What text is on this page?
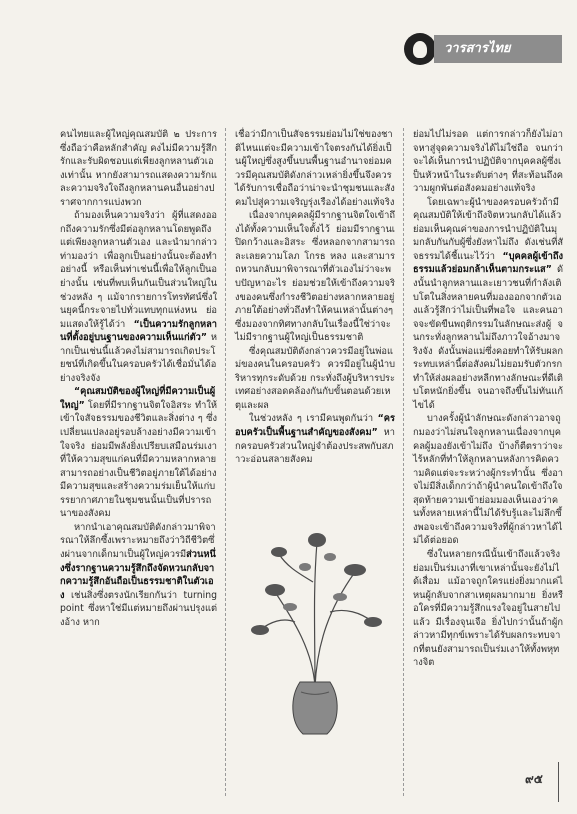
วารสารไทย

คนไทยและผู้ใหญ่คุณสมบัติ ๒ ประการ ซึ่งถือว่าคือหลักสำคัญ คงไม่มีความรู้สึกรักและรับผิดชอบแต่เพียงลูกหลานตัวเองเท่านั้น หากยังสามารถแสดงความรักและความจริงใจถึงลูกหลานคนอื่นอย่างปราศจากการแบ่งพวก

ถ้ามองเห็นความจริงว่า ผู้ที่แสดงออกถึงความรักซึ่งมีต่อลูกหลานโดยพูดถึงแต่เพียงลูกหลานตัวเอง และนำมากล่าวท่ามองว่า เพื่อลูกเป็นอย่างนั้นจะต้องทำอย่างนี้ หรือเห็นท่าเช่นนี้เพื่อให้ลูกเป็นอย่างนั้น เช่นที่พบเห็นกันเป็นส่วนใหญ่ในช่วงหลัง ๆ แม้จากรายการโทรทัศน์ซึ่งในยุคนี้กระจายไปทั่วแทบทุกแห่งหน ย่อมแสดงให้รู้ได้ว่า “เป็นความรักลูกหลานที่ตั้งอยู่บนฐานของความเห็นแก่ตัว” หากเป็นเช่นนี้แล้วคงไม่สามารถเกิดประโยชน์ที่เกิดขึ้นในครอบครัวได้เชื่อมั่นได้อย่างจริงจัง

“คุณสมบัติของผู้ใหญ่ที่มีความเป็นผู้ใหญ่” โดยที่มีรากฐานจิตใจอิสระ ทำให้เข้าใจสัจธรรมของชีวิตและสิ่งต่าง ๆ ซึ่งเปลี่ยนแปลงอยู่รอบล้างอย่างมีความเข้าใจจริง ย่อมมีพลังยิ่งเปรียบเสมือนร่มเงาที่ให้ความสุขแก่คนที่มีความหลากหลาย สามารถอย่างเป็นชีวิตอยู่ภายใต้ได้อย่างมีความสุขและสร้างความร่มเย็นให้แก่บรรยากาศภายในชุมชนนั้นเป็นที่ปรารถนาของสังคม

หากนำเอาคุณสมบัติดังกล่าวมาพิจารณาให้ลึกซึ้งเพราะหมายถึงว่าวิถีชีวิตซึ่งผ่านจากเด็กมาเป็นผู้ใหญ่ควรมีส่วนหนึ่งซึ่งรากฐานความรู้สึกถึงจัดหวนกลับจากความรู้สึกอันถือเป็นธรรมชาติในตัวเอง เช่นสิ่งซึ่งตรงนักเรียกกันว่า turning point ซึ่งหาใช่มีแต่หมายถึงผ่านปรุงแต่งอ้าง หาก

เชื่อว่ามีกาเป็นสัจธรรมย่อมไม่ใช่ของชาติไหนแต่จะมีความเข้าใจตรงกันได้ยิ่งเป็นผู้ใหญ่ซึ่งสูงขึ้นบนพื้นฐานอำนาจย่อมควรมีคุณสมบัติดังกล่าวเหล่ายิ่งขึ้นจึงควรได้รับการเชื่อถือว่าน่าจะนำชุมชนและสังคมไปสู่ความเจริญรุ่งเรืองได้อย่างแท้จริง

เนื่องจากบุคคลผู้มีรากฐานจิตใจเข้าถึงได้ทั้งความเห็นใจตั้งไว้ ย่อมมีรากฐานเปิดกว้างและอิสระ ซึ่งหลอกจากสามารถละเลยความโลภ โกรธ หลง และสามารถหวนกลับมาพิจารณาที่ตัวเองไม่ว่าจะพบปัญหาอะไร ย่อมช่วยให้เข้าถึงความจริงของคนซึ่งกำรงชีวิตอย่างหลากหลายอยู่ภายใต้อย่างทั่วถึงทำให้คนเหล่านั้นต่างๆ ซึ่งมองจากทิศทางกลับในเรื่องนี้ใช่ว่าจะไม่มีรากฐานผู้ใหญ่เป็นธรรมชาติ

ซึ่งคุณสมบัติดังกล่าวควรมีอยู่ในพ่อแม่ของคนในครอบครัว ควรมีอยู่ในผู้นำบริหารทุกระดับด้วย กระทั่งถึงผู้บริหารประเทศอย่างสอดคล้องกันกับขั้นตอนด้วยเหตุและผล

ในช่วงหลัง ๆ เรามีคนพูดกันว่า “ครอบครัวเป็นพื้นฐานสำคัญของสังคม” หากครอบครัวส่วนใหญ่จำต้องประสพกับสภาวะอ่อนสลายสังคม

ย่อมไปไม่รอด แต่การกล่าวก็ยังไม่อาจหาสู่จุดความจริงได้ไม่ใช่ถือ จนกว่าจะได้เห็นการนำปฏิบัติจากบุคคลผู้ซึ่งเป็นหัวหน้าในระดับต่างๆ ที่สะท้อนถึงความผูกพันต่อสังคมอย่างแท้จริง

โดยเฉพาะผู้นำของครอบครัวถ้ามีคุณสมบัติให้เข้าถึงจิตหวนกลับได้แล้ว ย่อมเห็นคุณค่าของการนำปฏิบัติในมุมกลับกันกับผู้ซึ่งยังหาไม่ถึง ดังเช่นที่สัจธรรมได้ชี้แนะไว้ว่า “บุคคลผู้เข้าถึงธรรมแล้วย่อมกล้าเห็นตามกระแส” ดังนั้นนำลูกหลานและเยาวชนที่กำลังเติบโตในสิ่งหลายคนที่มองออกจากตัวเองแล้วรู้สึกว่าไม่เป็นที่พอใจ และคนอาจจะขัดขืนพฤติกรรมในลักษณะส่งผู้ จนกระทั่งลูกหลานไม่ถึงภาวใจอ้างมาจริงจัง ดังนั้นพ่อแม่ซึ่งคอยทำให้รับผลกระทบเหล่านี้ต่อสังคมไม่ยอมรับตัวกรกทำให้ส่งผลอย่างหลีกทางลักษณะที่ดีเติบโตหนักยิ่งขึ้น จนอาจถึงขึ้นไม่ทันแก้ไขได้

บางครั้งผู้นำลักษณะดังกล่าวอาจถูกมองว่าไม่สนใจลูกหลานเนื่องจากบุคคลผู้มองยังเข้าไม่ถึง บ้างก็ตีตราว่าจะไร้หลักที่ทำให้ลูกหลานหลังการคิดความคิดแต่จะระหว่างผู้กระทำนั้น ซึ่งอาจไม่มีสิ่งเด็กกว่าถ้าผู้นำคนใดเข้าถึงใจสุดท้ายความเข้าย่อมมองเห็นเองว่าคนทั้งหลายเหล่านี้ไม่ได้รับรู้และไม่ลึกซึ้งพอจะเข้าถึงความจริงที่ผู้กล่าวหาได้ไม่ได้ต่อยอด

ซึ่งในหลายกรณีนั้นเข้าถึงแล้วจริงย่อมเป็นร่มเงาที่เขาเหล่านั้นจะยังไม่ได้เสื่อม แม้อาจถูกใครแย่งยิ่งมากแค่ไหนผู้กลับจากสาเหตุผลมากมาย ยิ่งหรือใครที่มีความรู้สึกแรงใจอยู่ในสายไปแล้ว มีเรื่องจุนเจือ ยิ่งไปกว่านั้นถ้าผู้กล่าวหามีทุกข์เพราะได้รับผลกระทบจากที่ตนยังสามารถเป็นร่มเงาให้ทั้งพหุทางจิต

๙๕
